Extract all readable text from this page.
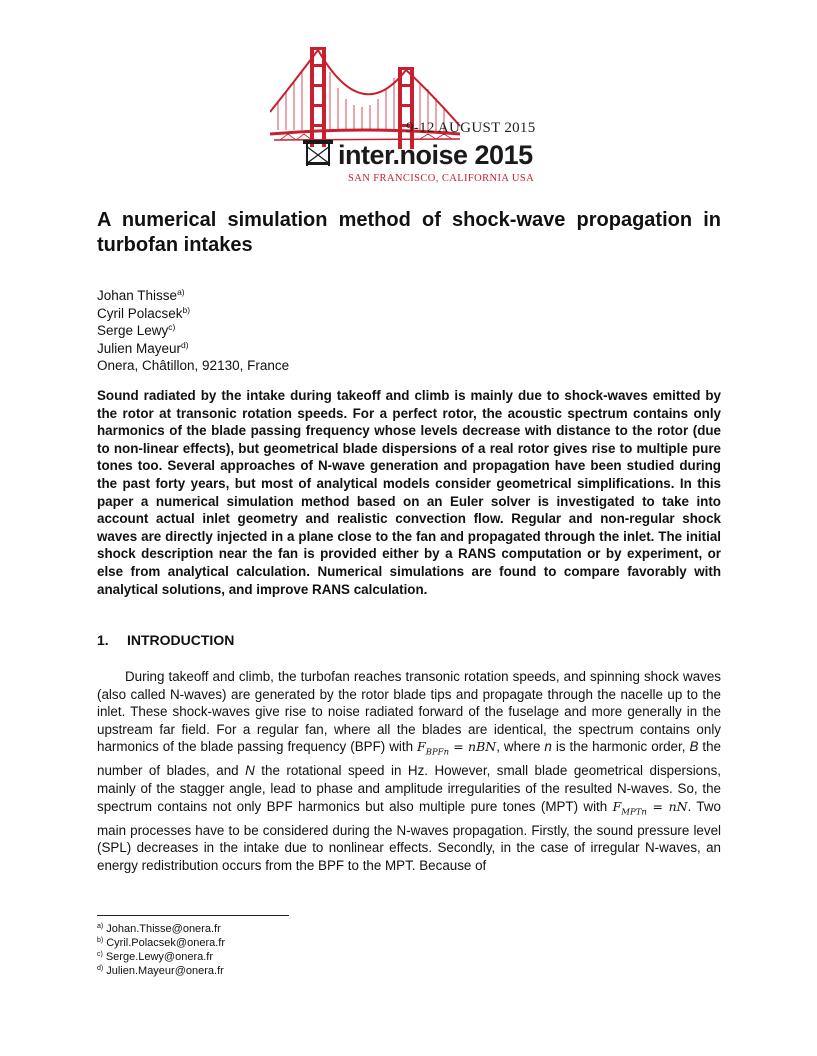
9-12 AUGUST 2015
inter.noise 2015
SAN FRANCISCO, CALIFORNIA USA
A numerical simulation method of shock-wave propagation in turbofan intakes
Johan Thisse$^{a)}$
Cyril Polacsek$^{b)}$
Serge Lewy$^{c)}$
Julien Mayeur$^{d)}$
Onera, Châtillon, 92130, France

Sound radiated by the intake during takeoff and climb is mainly due to shock-waves emitted by the rotor at transonic rotation speeds. For a perfect rotor, the acoustic spectrum contains only harmonics of the blade passing frequency whose levels decrease with distance to the rotor (due to non-linear effects), but geometrical blade dispersions of a real rotor gives rise to multiple pure tones too. Several approaches of N-wave generation and propagation have been studied during the past forty years, but most of analytical models consider geometrical simplifications. In this paper a numerical simulation method based on an Euler solver is investigated to take into account actual inlet geometry and realistic convection flow. Regular and non-regular shock waves are directly injected in a plane close to the fan and propagated through the inlet. The initial shock description near the fan is provided either by a RANS computation or by experiment, or else from analytical calculation. Numerical simulations are found to compare favorably with analytical solutions, and improve RANS calculation.

1. INTRODUCTION

During takeoff and climb, the turbofan reaches transonic rotation speeds, and spinning shock waves (also called N-waves) are generated by the rotor blade tips and propagate through the nacelle up to the inlet. These shock-waves give rise to noise radiated forward of the fuselage and more generally in the upstream far field. For a regular fan, where all the blades are identical, the spectrum contains only harmonics of the blade passing frequency (BPF) with $F_{BPFn}$ = nBN, where n is the harmonic order, B the number of blades, and N the rotational speed in Hz. However, small blade geometrical dispersions, mainly of the stagger angle, lead to phase and amplitude irregularities of the resulted N-waves. So, the spectrum contains not only BPF harmonics but also multiple pure tones (MPT) with $F_{MPTn}$ = nN. Two main processes have to be considered during the N-waves propagation. Firstly, the sound pressure level (SPL) decreases in the intake due to nonlinear effects. Secondly, in the case of irregular N-waves, an energy redistribution occurs from the BPF to the MPT. Because of

$^{a)}$ Johan.Thisse@onera.fr
$^{b)}$ Cyril.Polacsek@onera.fr
$^{c)}$ Serge.Lewy@onera.fr
$^{d)}$ Julien.Mayeur@onera.fr
